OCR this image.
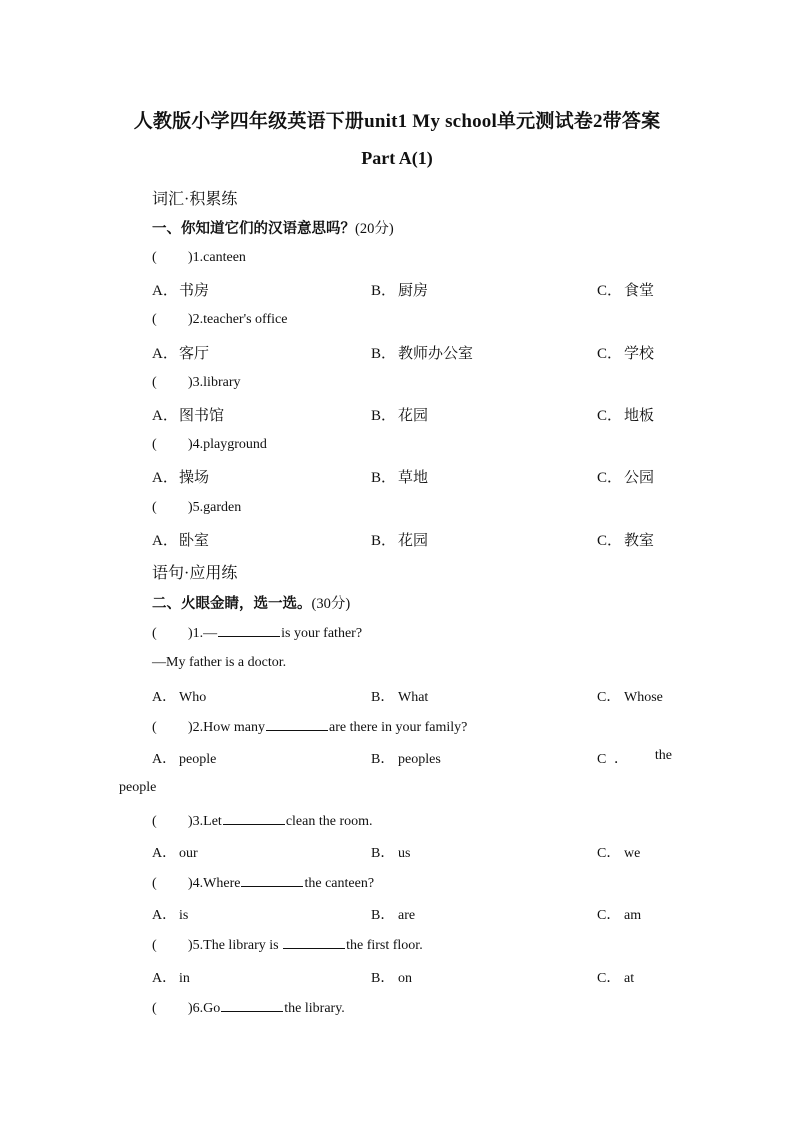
人教版小学四年级英语下册unit1 My school单元测试卷2带答案
Part A(1)
词汇·积累练
一、你知道它们的汉语意思吗？(20分)
( )1.canteen
A．书房	B． 厨房	C． 食堂
( )2.teacher's office
A．客厅	B． 教师办公室	C． 学校
( )3.library
A．图书馆	B． 花园	C． 地板
( )4.playground
A．操场	B． 草地	C． 公园
( )5.garden
A．卧室	B． 花园	C． 教室
语句·应用练
二、火眼金睛，选一选。(30分)
( )1.—	is your father?
—My father is a doctor.
A． Who	B． What	C． Whose
( )2.How many	are there in your family?
A． people	B． peoples	C ． the
people
( )3.Let	clean the room.
A． our	B． us	C． we
( )4.Where	the canteen?
A． is	B． are	C． am
( )5.The library is	the first floor.
A． in	B． on	C． at
( )6.Go	the library.
